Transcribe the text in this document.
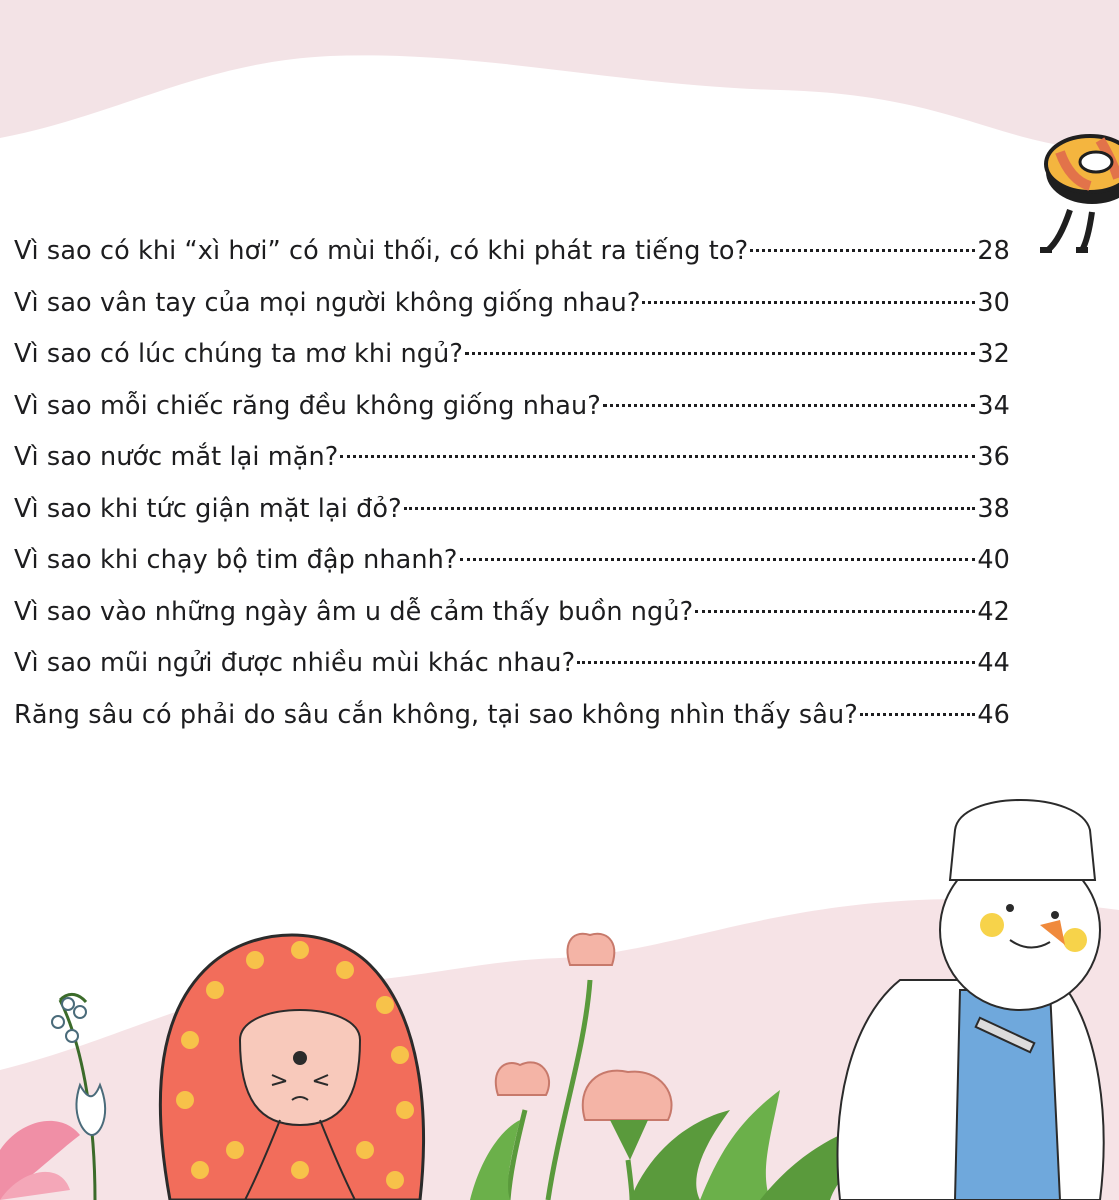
Vì sao có khi “xì hơi” có mùi thối, có khi phát ra tiếng to?	28
Vì sao vân tay của mọi người không giống nhau?	30
Vì sao có lúc chúng ta mơ khi ngủ?	32
Vì sao mỗi chiếc răng đều không giống nhau?	34
Vì sao nước mắt lại mặn?	36
Vì sao khi tức giận mặt lại đỏ?	38
Vì sao khi chạy bộ tim đập nhanh?	40
Vì sao vào những ngày âm u dễ cảm thấy buồn ngủ?	42
Vì sao mũi ngửi được nhiều mùi khác nhau?	44
Răng sâu có phải do sâu cắn không, tại sao không nhìn thấy sâu?	46
